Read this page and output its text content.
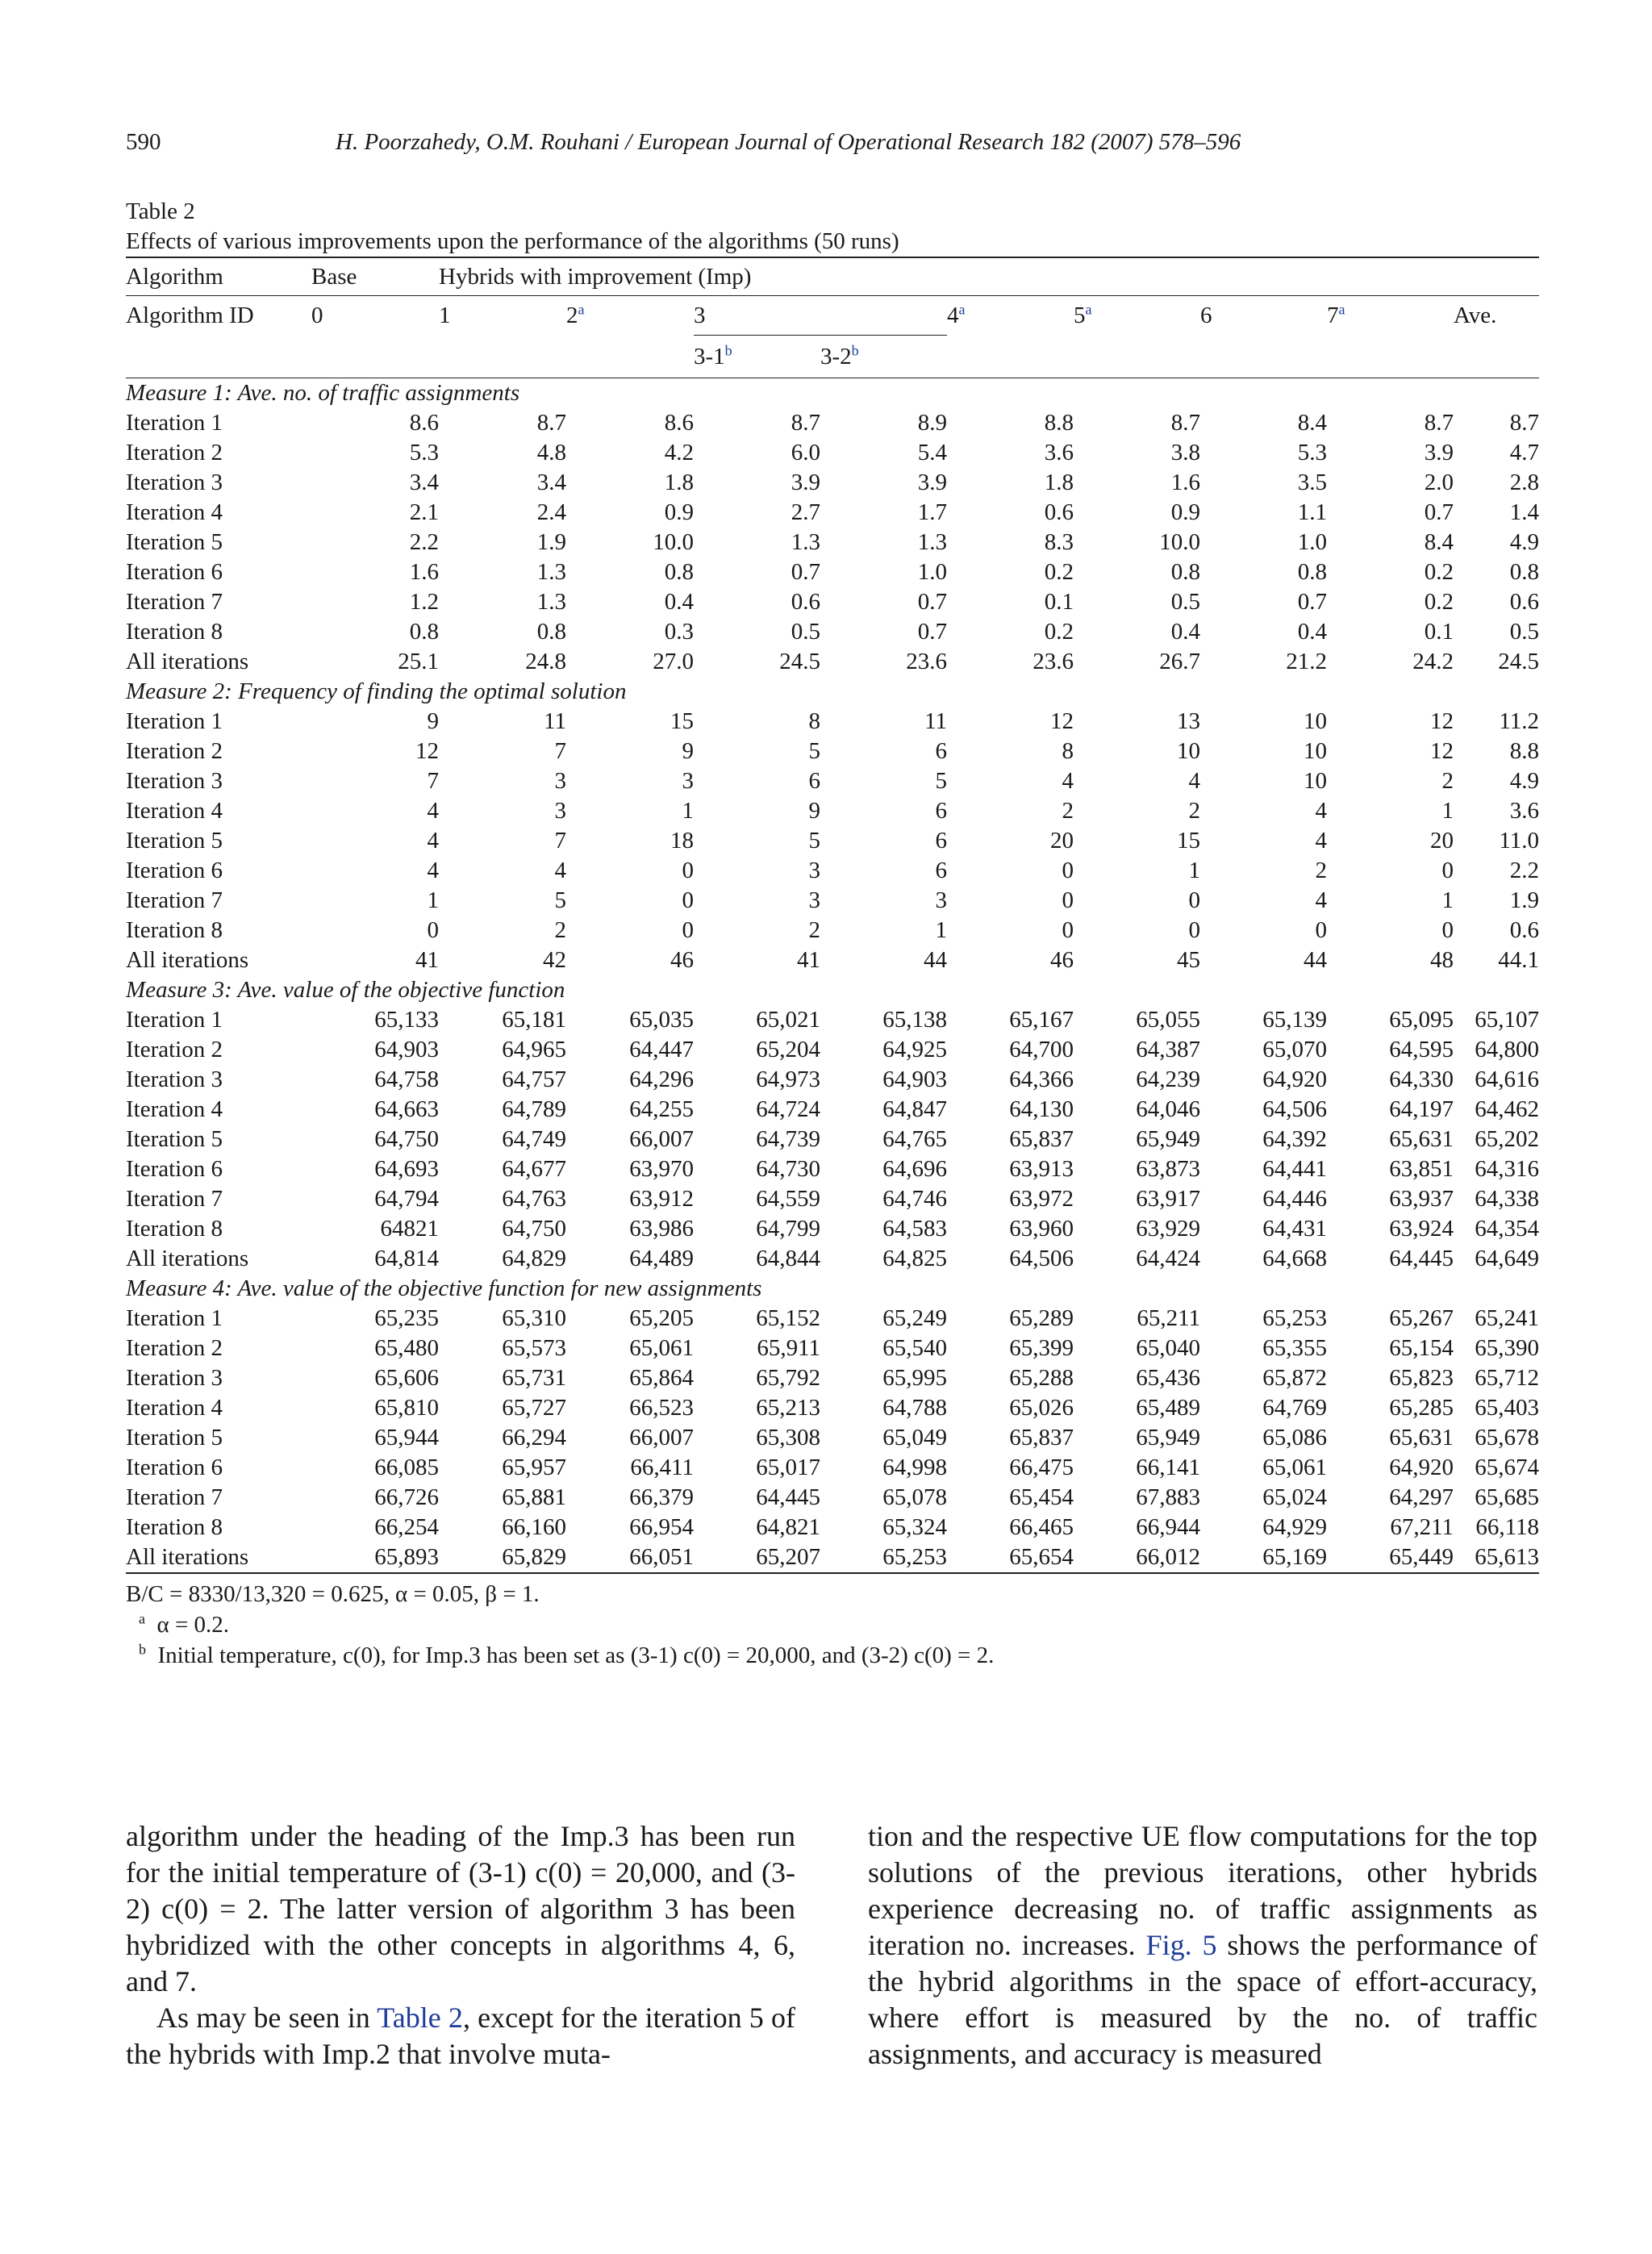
590	H. Poorzahedy, O.M. Rouhani / European Journal of Operational Research 182 (2007) 578–596
Table 2
Effects of various improvements upon the performance of the algorithms (50 runs)
Algorithm	Base	Hybrids with improvement (Imp)								
Algorithm ID	0	1	2$^a$	3		4$^a$	5$^a$	6	7$^a$	Ave.
				3-1$^b$	3-2$^b$					
Measure 1: Ave. no. of traffic assignments										
Iteration 1	8.6	8.7	8.6	8.7	8.9	8.8	8.7	8.4	8.7	8.7
Iteration 2	5.3	4.8	4.2	6.0	5.4	3.6	3.8	5.3	3.9	4.7
Iteration 3	3.4	3.4	1.8	3.9	3.9	1.8	1.6	3.5	2.0	2.8
Iteration 4	2.1	2.4	0.9	2.7	1.7	0.6	0.9	1.1	0.7	1.4
Iteration 5	2.2	1.9	10.0	1.3	1.3	8.3	10.0	1.0	8.4	4.9
Iteration 6	1.6	1.3	0.8	0.7	1.0	0.2	0.8	0.8	0.2	0.8
Iteration 7	1.2	1.3	0.4	0.6	0.7	0.1	0.5	0.7	0.2	0.6
Iteration 8	0.8	0.8	0.3	0.5	0.7	0.2	0.4	0.4	0.1	0.5
All iterations	25.1	24.8	27.0	24.5	23.6	23.6	26.7	21.2	24.2	24.5
Measure 2: Frequency of finding the optimal solution										
Iteration 1	9	11	15	8	11	12	13	10	12	11.2
Iteration 2	12	7	9	5	6	8	10	10	12	8.8
Iteration 3	7	3	3	6	5	4	4	10	2	4.9
Iteration 4	4	3	1	9	6	2	2	4	1	3.6
Iteration 5	4	7	18	5	6	20	15	4	20	11.0
Iteration 6	4	4	0	3	6	0	1	2	0	2.2
Iteration 7	1	5	0	3	3	0	0	4	1	1.9
Iteration 8	0	2	0	2	1	0	0	0	0	0.6
All iterations	41	42	46	41	44	46	45	44	48	44.1
Measure 3: Ave. value of the objective function										
Iteration 1	65,133	65,181	65,035	65,021	65,138	65,167	65,055	65,139	65,095	65,107
Iteration 2	64,903	64,965	64,447	65,204	64,925	64,700	64,387	65,070	64,595	64,800
Iteration 3	64,758	64,757	64,296	64,973	64,903	64,366	64,239	64,920	64,330	64,616
Iteration 4	64,663	64,789	64,255	64,724	64,847	64,130	64,046	64,506	64,197	64,462
Iteration 5	64,750	64,749	66,007	64,739	64,765	65,837	65,949	64,392	65,631	65,202
Iteration 6	64,693	64,677	63,970	64,730	64,696	63,913	63,873	64,441	63,851	64,316
Iteration 7	64,794	64,763	63,912	64,559	64,746	63,972	63,917	64,446	63,937	64,338
Iteration 8	64821	64,750	63,986	64,799	64,583	63,960	63,929	64,431	63,924	64,354
All iterations	64,814	64,829	64,489	64,844	64,825	64,506	64,424	64,668	64,445	64,649
Measure 4: Ave. value of the objective function for new assignments										
Iteration 1	65,235	65,310	65,205	65,152	65,249	65,289	65,211	65,253	65,267	65,241
Iteration 2	65,480	65,573	65,061	65,911	65,540	65,399	65,040	65,355	65,154	65,390
Iteration 3	65,606	65,731	65,864	65,792	65,995	65,288	65,436	65,872	65,823	65,712
Iteration 4	65,810	65,727	66,523	65,213	64,788	65,026	65,489	64,769	65,285	65,403
Iteration 5	65,944	66,294	66,007	65,308	65,049	65,837	65,949	65,086	65,631	65,678
Iteration 6	66,085	65,957	66,411	65,017	64,998	66,475	66,141	65,061	64,920	65,674
Iteration 7	66,726	65,881	66,379	64,445	65,078	65,454	67,883	65,024	64,297	65,685
Iteration 8	66,254	66,160	66,954	64,821	65,324	66,465	66,944	64,929	67,211	66,118
All iterations	65,893	65,829	66,051	65,207	65,253	65,654	66,012	65,169	65,449	65,613
B/C = 8330/13,320 = 0.625, α = 0.05, β = 1.
$^a$ α = 0.2.
$^b$ Initial temperature, c(0), for Imp.3 has been set as (3-1) c(0) = 20,000, and (3-2) c(0) = 2.

algorithm under the heading of the Imp.3 has been run for the initial temperature of (3-1) c(0) = 20,000, and (3-2) c(0) = 2. The latter version of algorithm 3 has been hybridized with the other concepts in algorithms 4, 6, and 7.

As may be seen in Table 2, except for the iteration 5 of the hybrids with Imp.2 that involve muta-

tion and the respective UE flow computations for the top solutions of the previous iterations, other hybrids experience decreasing no. of traffic assignments as iteration no. increases. Fig. 5 shows the performance of the hybrid algorithms in the space of effort-accuracy, where effort is measured by the no. of traffic assignments, and accuracy is measured
